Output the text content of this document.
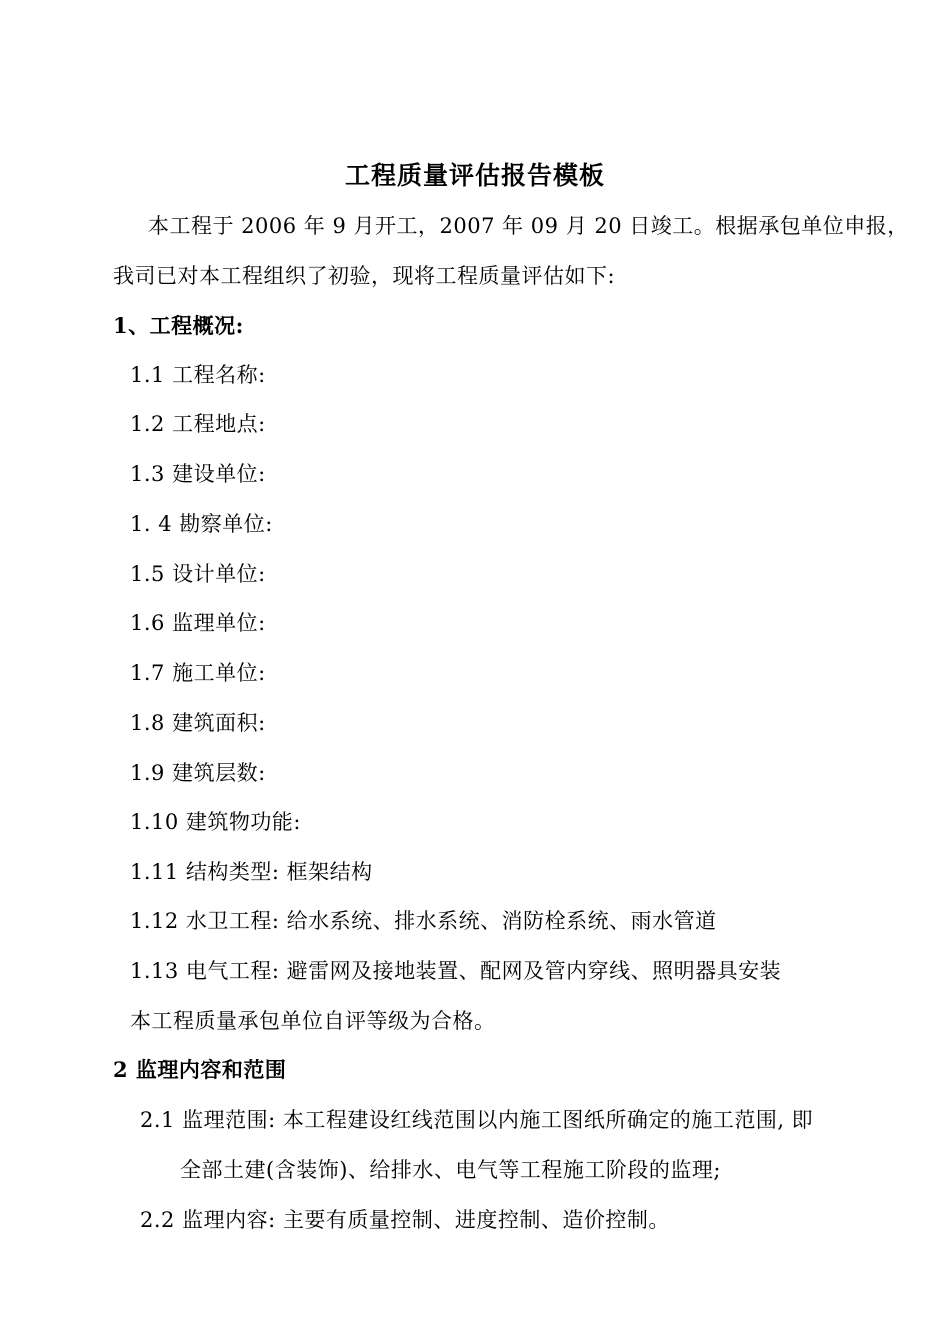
工程质量评估报告模板
本工程于 2006 年 9 月开工，2007 年 09 月 20 日竣工。根据承包单位申报，
我司已对本工程组织了初验，现将工程质量评估如下:
1、工程概况:
1.1 工程名称:
1.2 工程地点:
1.3 建设单位:
1. 4 勘察单位:
1.5 设计单位:
1.6 监理单位:
1.7 施工单位:
1.8 建筑面积:
1.9 建筑层数:
1.10 建筑物功能:
1.11 结构类型: 框架结构
1.12 水卫工程: 给水系统、排水系统、消防栓系统、雨水管道
1.13 电气工程: 避雷网及接地装置、配网及管内穿线、照明器具安装
本工程质量承包单位自评等级为合格。
2 监理内容和范围
2.1 监理范围: 本工程建设红线范围以内施工图纸所确定的施工范围, 即
全部土建(含装饰)、给排水、电气等工程施工阶段的监理;
2.2 监理内容: 主要有质量控制、进度控制、造价控制。
